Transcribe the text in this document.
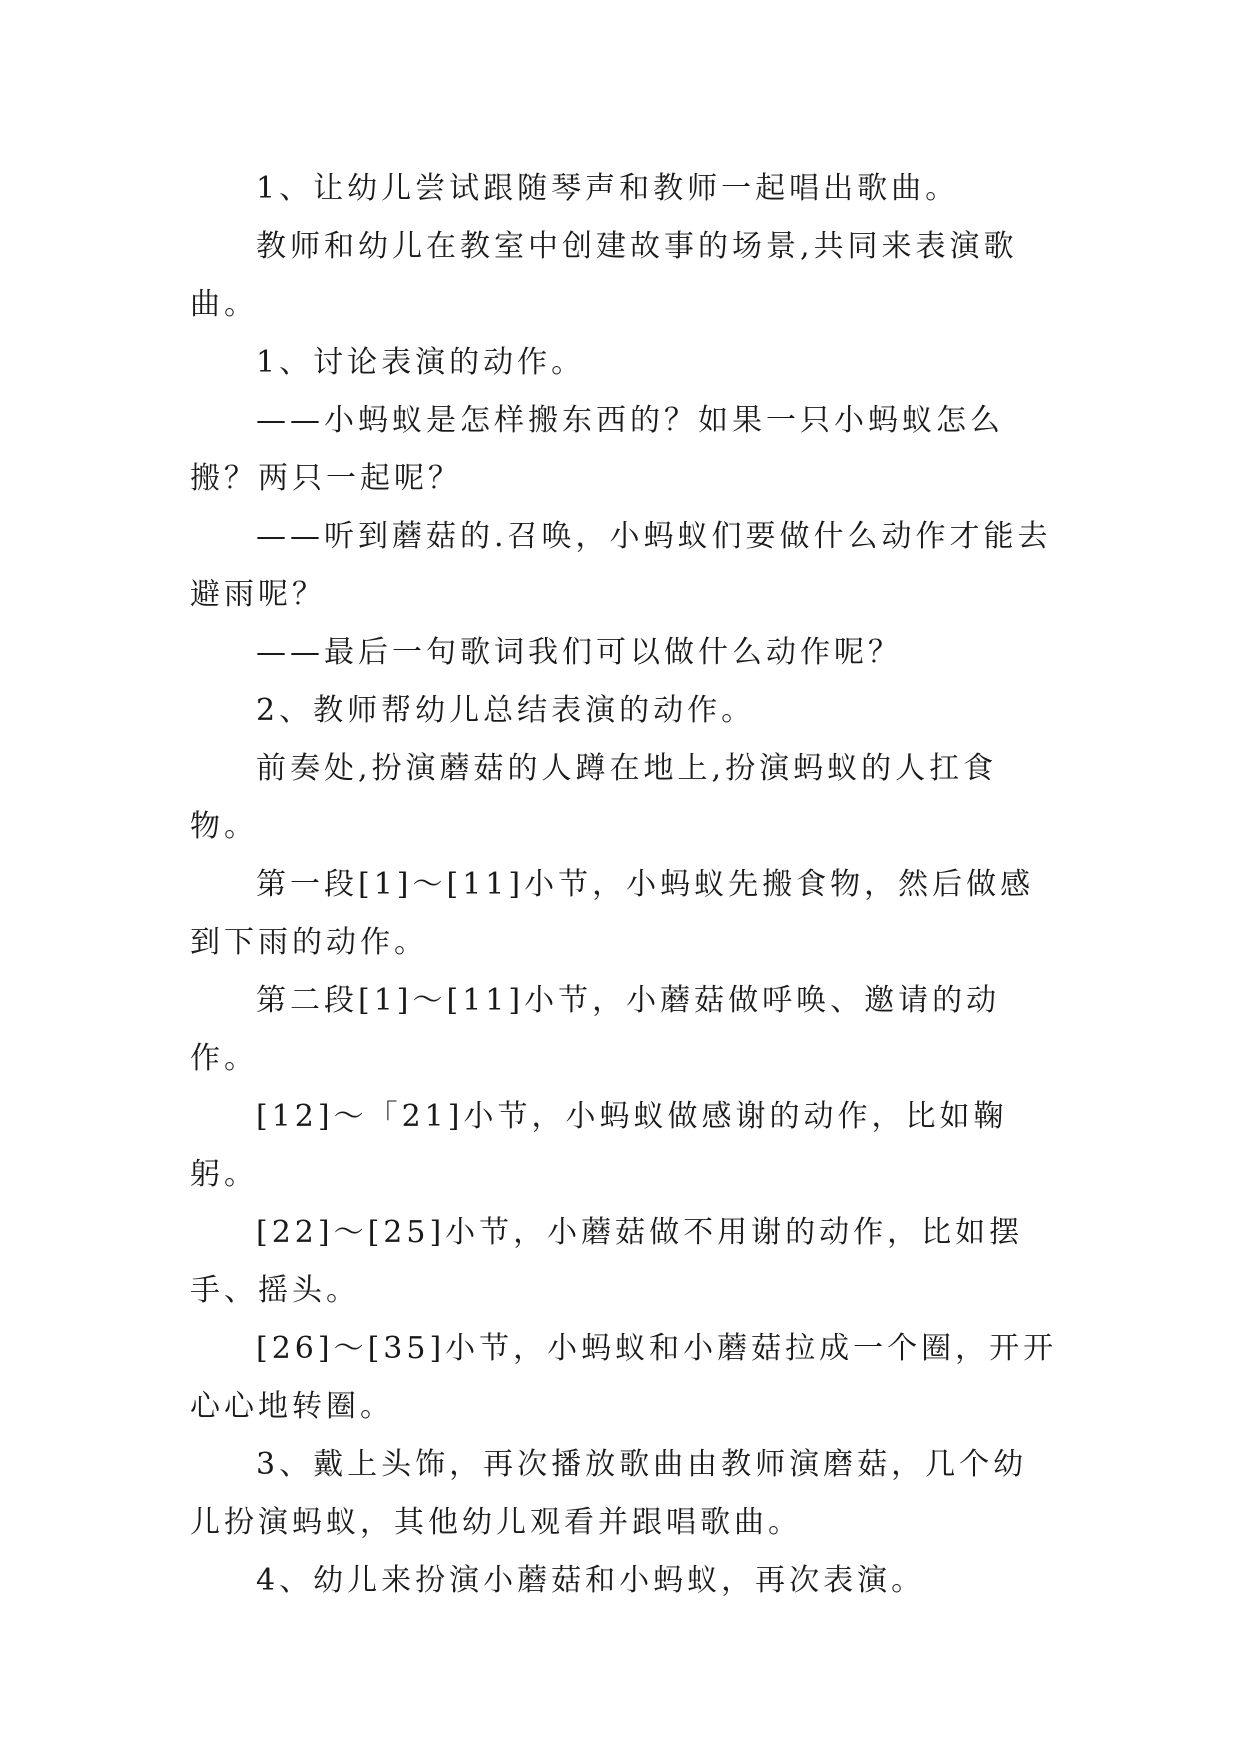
1、让幼儿尝试跟随琴声和教师一起唱出歌曲。

教师和幼儿在教室中创建故事的场景,共同来表演歌曲。

1、讨论表演的动作。

——小蚂蚁是怎样搬东西的？如果一只小蚂蚁怎么搬？两只一起呢？

——听到蘑菇的.召唤，小蚂蚁们要做什么动作才能去避雨呢？

——最后一句歌词我们可以做什么动作呢？

2、教师帮幼儿总结表演的动作。

前奏处,扮演蘑菇的人蹲在地上,扮演蚂蚁的人扛食物。

第一段[1]～[11]小节，小蚂蚁先搬食物，然后做感到下雨的动作。

第二段[1]～[11]小节，小蘑菇做呼唤、邀请的动作。

[12]～「21]小节，小蚂蚁做感谢的动作，比如鞠躬。

[22]～[25]小节，小蘑菇做不用谢的动作，比如摆手、摇头。

[26]～[35]小节，小蚂蚁和小蘑菇拉成一个圈，开开心心地转圈。

3、戴上头饰，再次播放歌曲由教师演磨菇，几个幼儿扮演蚂蚁，其他幼儿观看并跟唱歌曲。

4、幼儿来扮演小蘑菇和小蚂蚁，再次表演。
